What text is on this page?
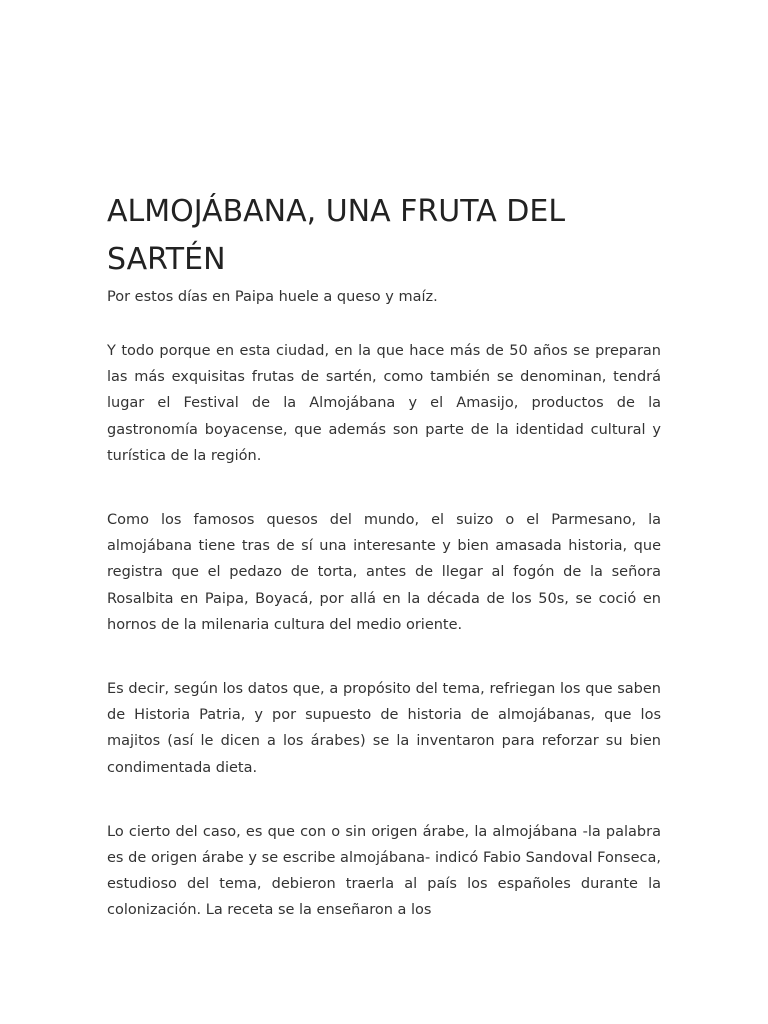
ALMOJÁBANA, UNA FRUTA DEL SARTÉN

Por estos días en Paipa huele a queso y maíz.

Y todo porque en esta ciudad, en la que hace más de 50 años se preparan las más exquisitas frutas de sartén, como también se denominan, tendrá lugar el Festival de la Almojábana y el Amasijo, productos de la gastronomía boyacense, que además son parte de la identidad cultural y turística de la región.

Como los famosos quesos del mundo, el suizo o el Parmesano, la almojábana tiene tras de sí una interesante y bien amasada historia, que registra que el pedazo de torta, antes de llegar al fogón de la señora Rosalbita en Paipa, Boyacá, por allá en la década de los 50s, se coció en hornos de la milenaria cultura del medio oriente.

Es decir, según los datos que, a propósito del tema, refriegan los que saben de Historia Patria, y por supuesto de historia de almojábanas, que los majitos (así le dicen a los árabes) se la inventaron para reforzar su bien condimentada dieta.

Lo cierto del caso, es que con o sin origen árabe, la almojábana -la palabra es de origen árabe y se escribe almojábana- indicó Fabio Sandoval Fonseca, estudioso del tema, debieron traerla al país los españoles durante la colonización. La receta se la enseñaron a los
